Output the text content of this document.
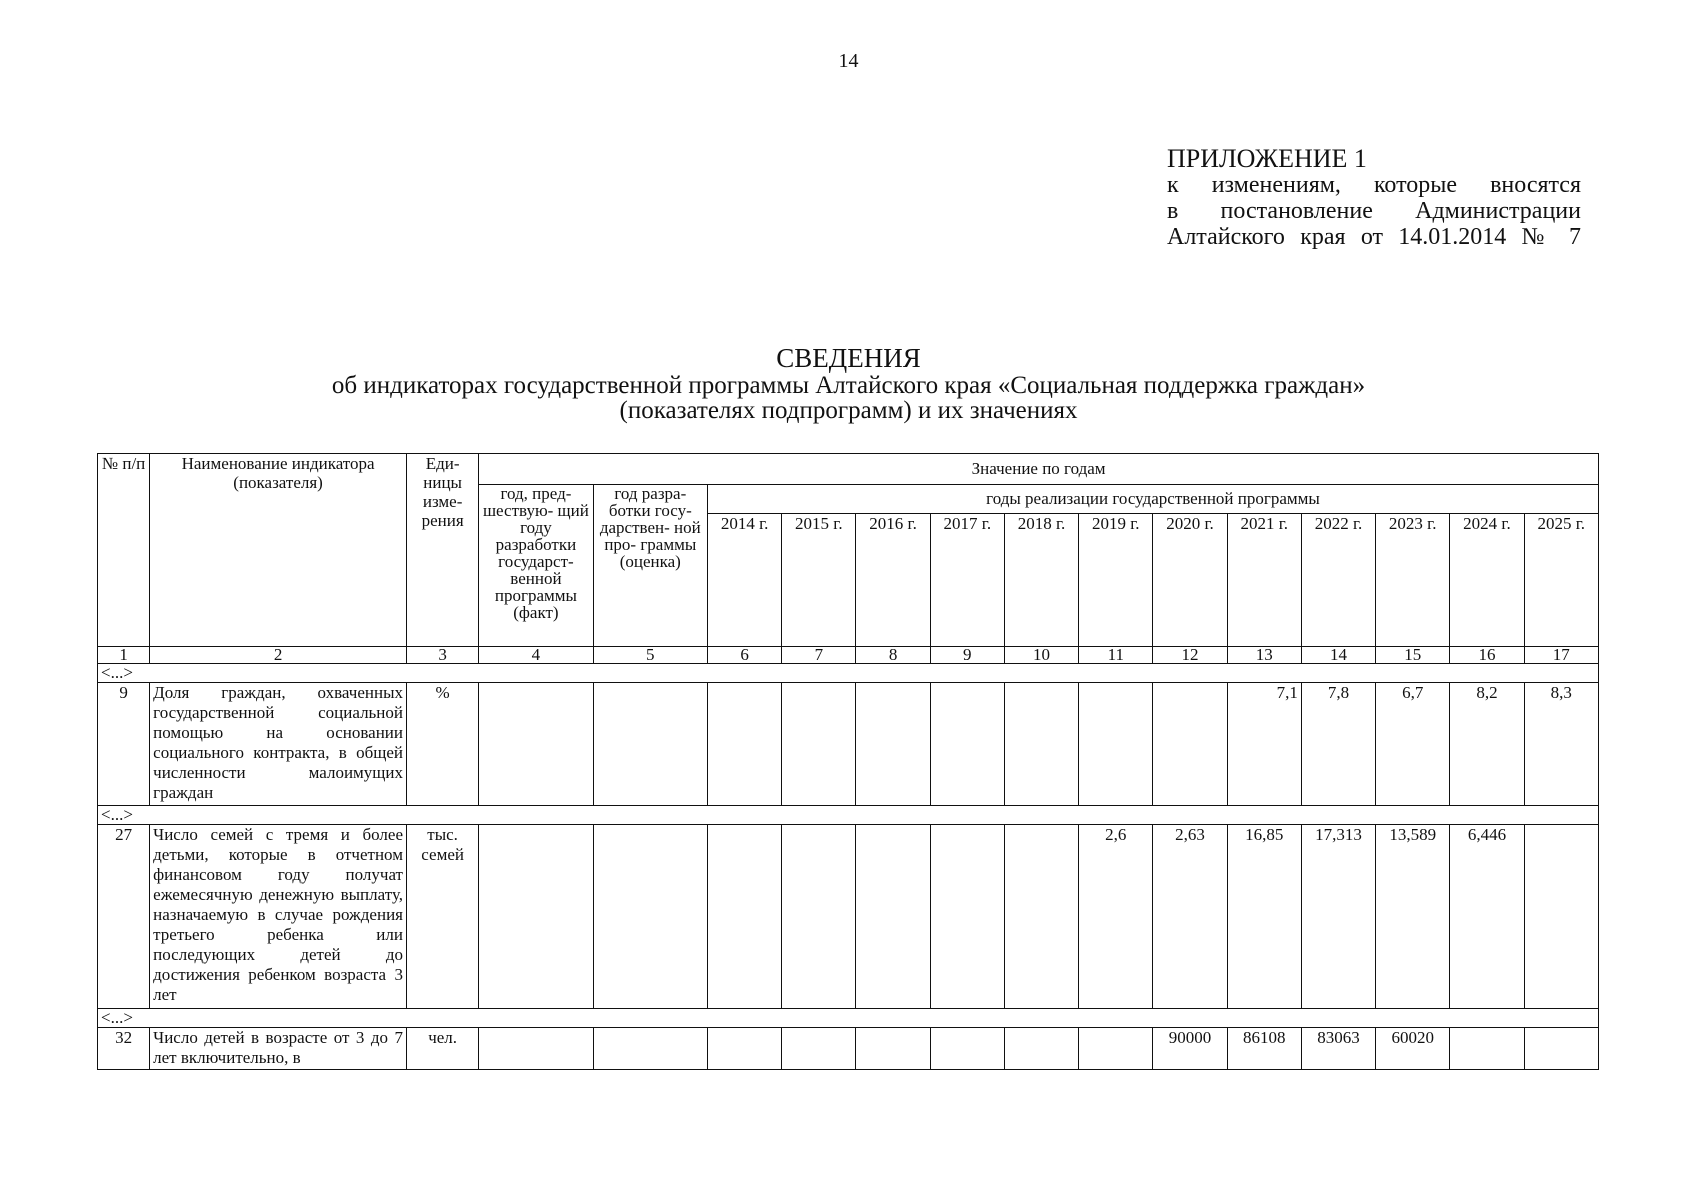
14
ПРИЛОЖЕНИЕ 1
к изменениям, которые вносятся
в постановление Администрации
Алтайского края от 14.01.2014 № 7
СВЕДЕНИЯ
об индикаторах государственной программы Алтайского края «Социальная поддержка граждан»
(показателях подпрограмм) и их значениях
№ п/п	Наименование индикатора (показателя)	Еди- ницы изме- рения	Значение по годам													
			год, пред- шествую- щий году разработки государст- венной программы (факт)	год разра- ботки госу- дарствен- ной про- граммы (оценка)	годы реализации государственной программы											
					2014 г.	2015 г.	2016 г.	2017 г.	2018 г.	2019 г.	2020 г.	2021 г.	2022 г.	2023 г.	2024 г.	2025 г.
1	2	3	4	5	6	7	8	9	10	11	12	13	14	15	16	17
<...>																
9	Доля граждан, охваченных государственной социальной помощью на основании социального контракта, в общей численности малоимущих граждан	%										7,1	7,8	6,7	8,2	8,3
<...>																
27	Число семей с тремя и более детьми, которые в отчетном финансовом году получат ежемесячную денежную выплату, назначаемую в случае рождения третьего ребенка или последующих детей до достижения ребенком возраста 3 лет	тыс. семей								2,6	2,63	16,85	17,313	13,589	6,446	
<...>																
32	Число детей в возрасте от 3 до 7 лет включительно, в	чел.									90000	86108	83063	60020		
